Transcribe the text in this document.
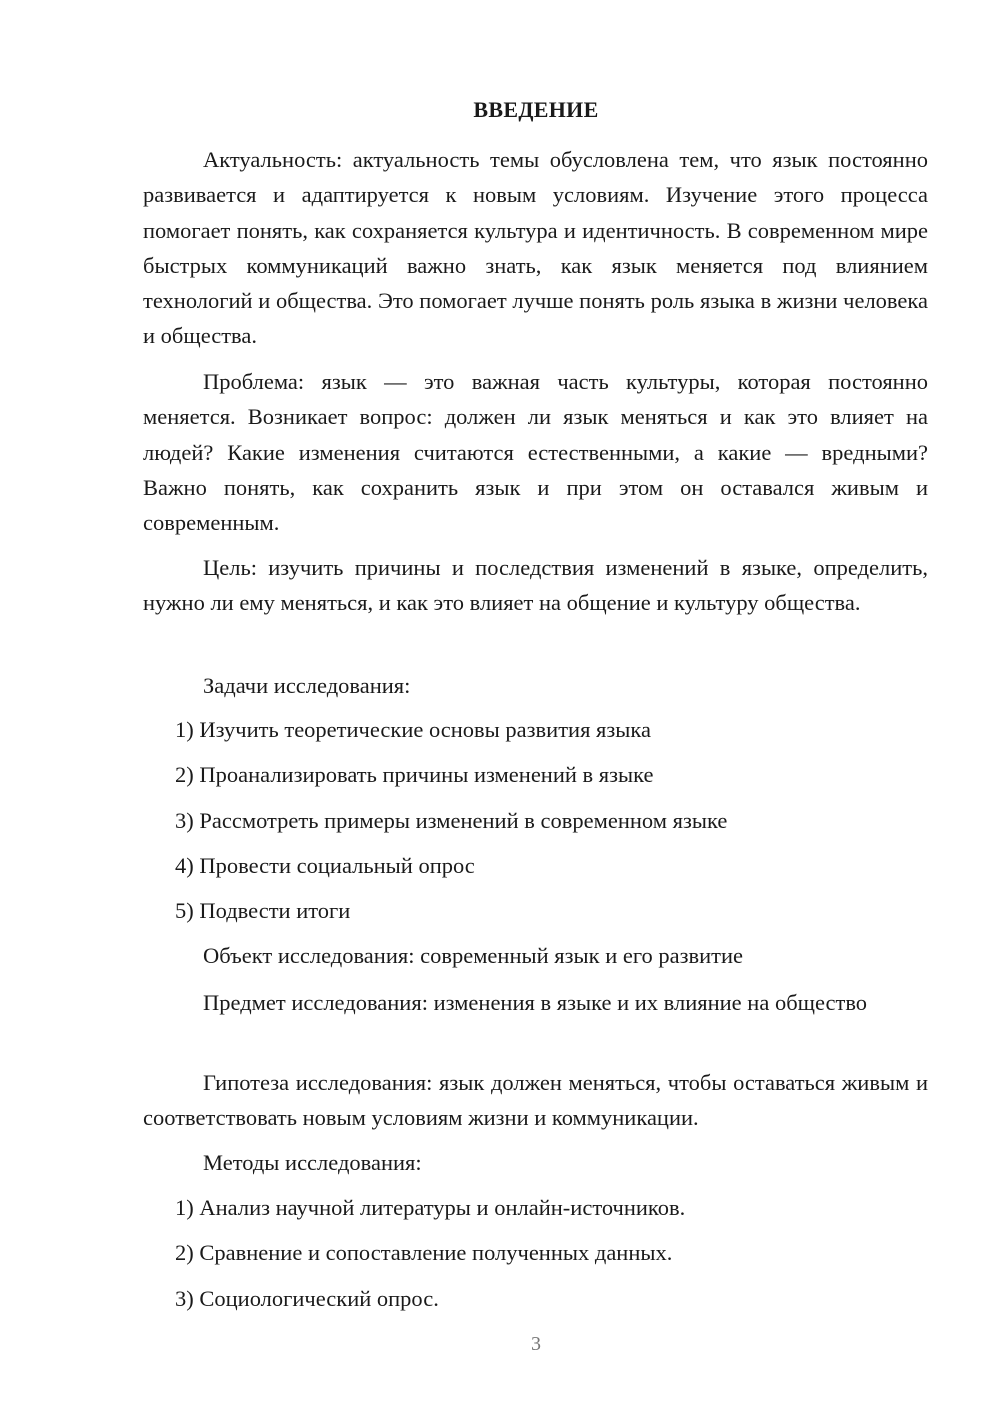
ВВЕДЕНИЕ

Актуальность: актуальность темы обусловлена тем, что язык постоянно развивается и адаптируется к новым условиям. Изучение этого процесса помогает понять, как сохраняется культура и идентичность. В современном мире быстрых коммуникаций важно знать, как язык меняется под влиянием технологий и общества. Это помогает лучше понять роль языка в жизни человека и общества.

Проблема: язык — это важная часть культуры, которая постоянно меняется. Возникает вопрос: должен ли язык меняться и как это влияет на людей? Какие изменения считаются естественными, а какие — вредными? Важно понять, как сохранить язык и при этом он оставался живым и современным.

Цель: изучить причины и последствия изменений в языке, определить, нужно ли ему меняться, и как это влияет на общение и культуру общества.

Задачи исследования:

1) Изучить теоретические основы развития языка

2) Проанализировать причины изменений в языке

3) Рассмотреть примеры изменений в современном языке

4) Провести социальный опрос

5) Подвести итоги

Объект исследования: современный язык и его развитие

Предмет исследования: изменения в языке и их влияние на общество

Гипотеза исследования: язык должен меняться, чтобы оставаться живым и соответствовать новым условиям жизни и коммуникации.

Методы исследования:

1) Анализ научной литературы и онлайн-источников.

2) Сравнение и сопоставление полученных данных.

3) Социологический опрос.

3
